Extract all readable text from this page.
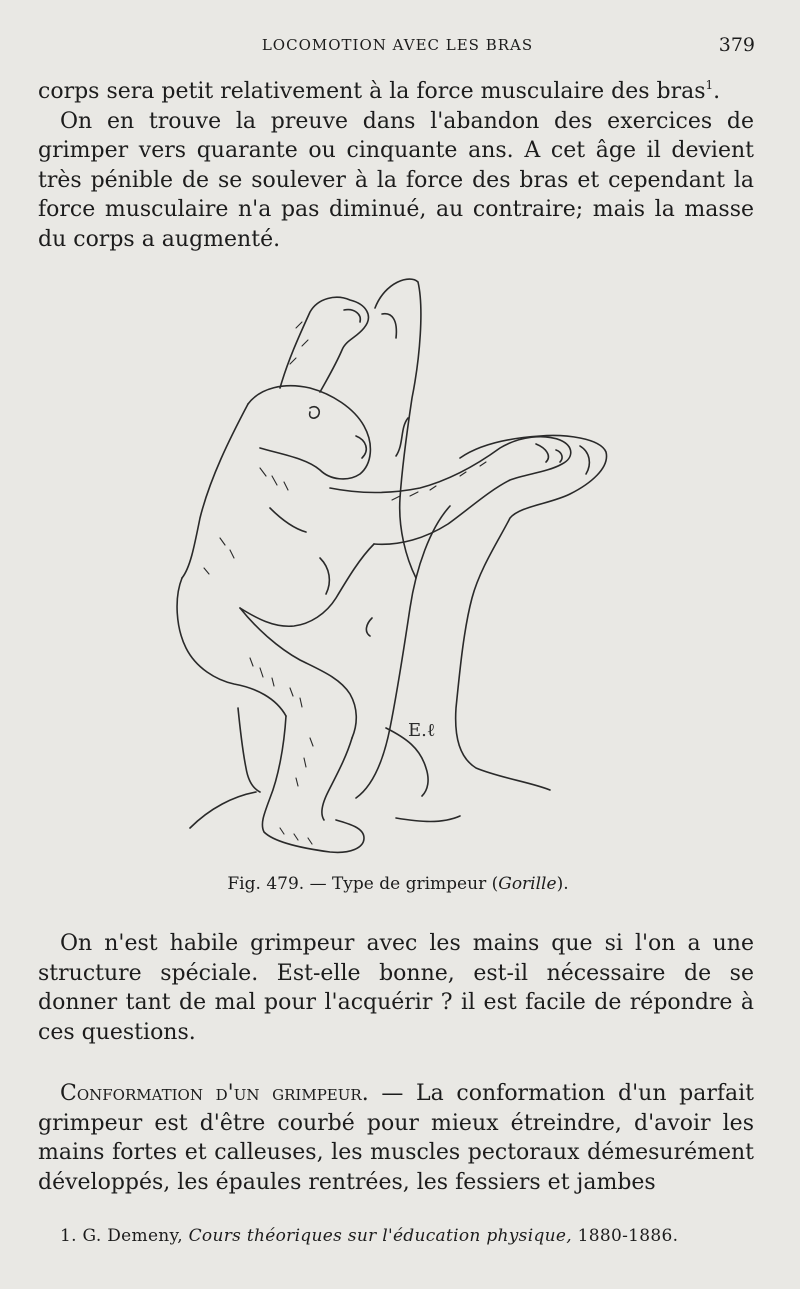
LOCOMOTION AVEC LES BRAS	379

corps sera petit relativement à la force musculaire des bras$^1$.
On en trouve la preuve dans l'abandon des exercices de grimper vers quarante ou cinquante ans. A cet âge il devient très pénible de se soulever à la force des bras et cependant la force musculaire n'a pas diminué, au contraire; mais la masse du corps a augmenté.

E.ℓ
Fig. 479. — Type de grimpeur (Gorille).

On n'est habile grimpeur avec les mains que si l'on a une structure spéciale. Est-elle bonne, est-il nécessaire de se donner tant de mal pour l'acquérir ? il est facile de répondre à ces questions.

Conformation d'un grimpeur. — La conformation d'un parfait grimpeur est d'être courbé pour mieux étreindre, d'avoir les mains fortes et calleuses, les muscles pectoraux démesurément développés, les épaules rentrées, les fessiers et jambes

1. G. Demeny, Cours théoriques sur l'éducation physique, 1880-1886.
